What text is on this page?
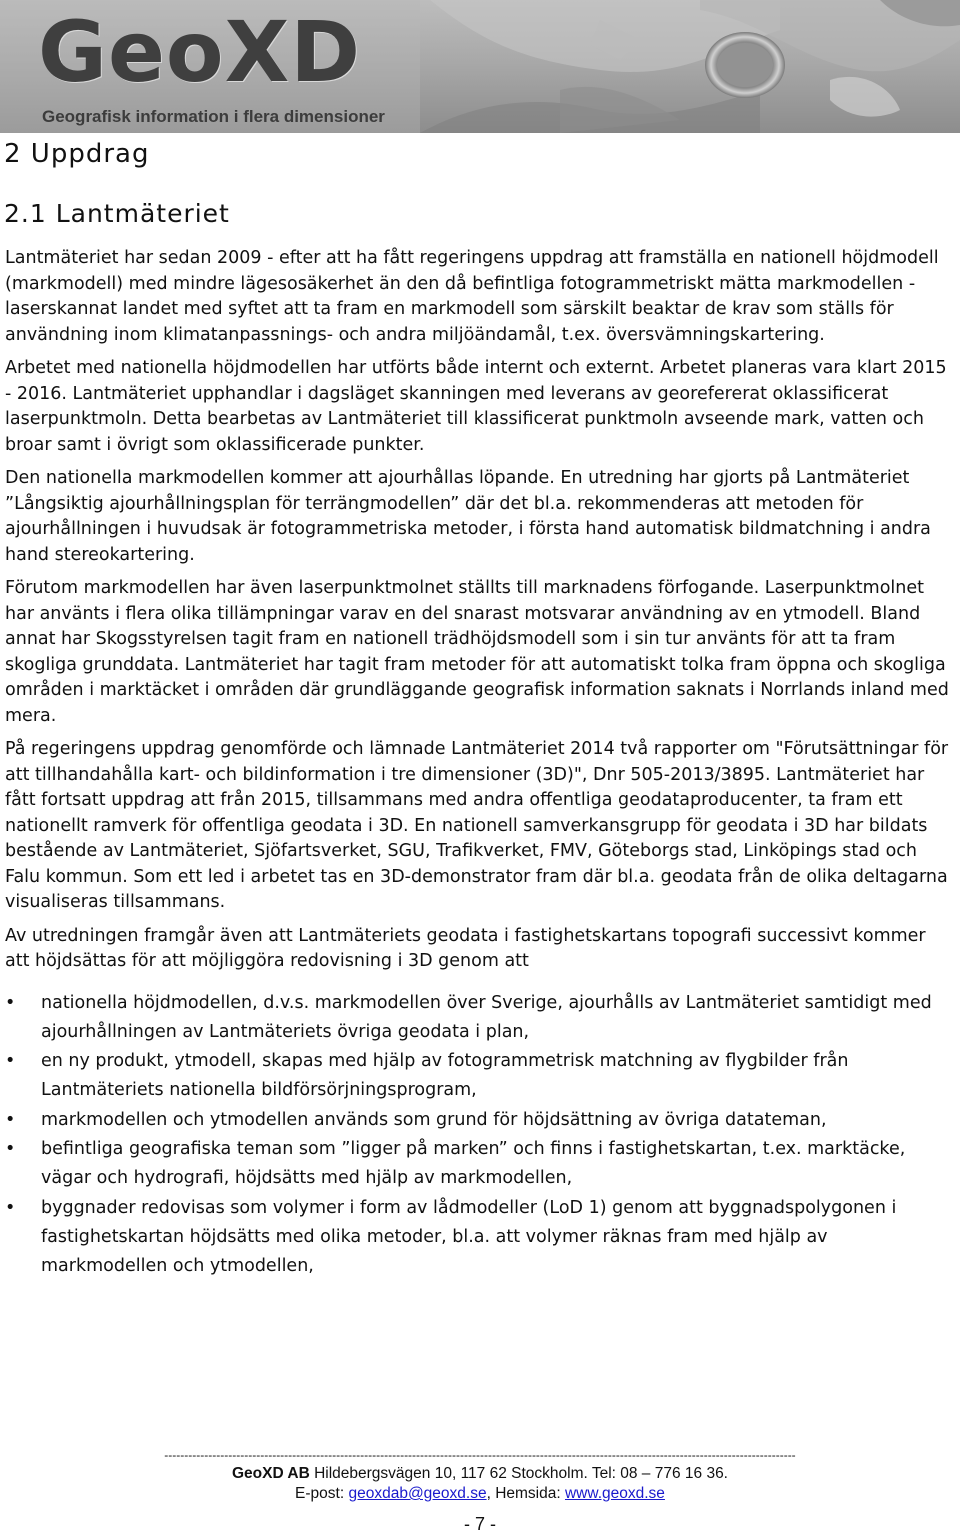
GeoXD
Geografisk information i flera dimensioner
2 Uppdrag
2.1 Lantmäteriet

Lantmäteriet har sedan 2009 - efter att ha fått regeringens uppdrag att framställa en nationell höjdmodell (markmodell) med mindre lägesosäkerhet än den då befintliga fotogrammetriskt mätta markmodellen - laserskannat landet med syftet att ta fram en markmodell som särskilt beaktar de krav som ställs för användning inom klimatanpassnings- och andra miljöändamål, t.ex. översvämningskartering.

Arbetet med nationella höjdmodellen har utförts både internt och externt. Arbetet planeras vara klart 2015 - 2016. Lantmäteriet upphandlar i dagsläget skanningen med leverans av georefererat oklassificerat laserpunktmoln. Detta bearbetas av Lantmäteriet till klassificerat punktmoln avseende mark, vatten och broar samt i övrigt som oklassificerade punkter.

Den nationella markmodellen kommer att ajourhållas löpande. En utredning har gjorts på Lantmäteriet ”Långsiktig ajourhållningsplan för terrängmodellen” där det bl.a. rekommenderas att metoden för ajourhållningen i huvudsak är fotogrammetriska metoder, i första hand automatisk bildmatchning i andra hand stereokartering.

Förutom markmodellen har även laserpunktmolnet ställts till marknadens förfogande. Laserpunktmolnet har använts i flera olika tillämpningar varav en del snarast motsvarar användning av en ytmodell. Bland annat har Skogsstyrelsen tagit fram en nationell trädhöjdsmodell som i sin tur använts för att ta fram skogliga grunddata. Lantmäteriet har tagit fram metoder för att automatiskt tolka fram öppna och skogliga områden i marktäcket i områden där grundläggande geografisk information saknats i Norrlands inland med mera.

På regeringens uppdrag genomförde och lämnade Lantmäteriet 2014 två rapporter om "Förutsättningar för att tillhandahålla kart- och bildinformation i tre dimensioner (3D)", Dnr 505-2013/3895. Lantmäteriet har fått fortsatt uppdrag att från 2015, tillsammans med andra offentliga geodataproducenter, ta fram ett nationellt ramverk för offentliga geodata i 3D. En nationell samverkansgrupp för geodata i 3D har bildats bestående av Lantmäteriet, Sjöfartsverket, SGU, Trafikverket, FMV, Göteborgs stad, Linköpings stad och Falu kommun. Som ett led i arbetet tas en 3D-demonstrator fram där bl.a. geodata från de olika deltagarna visualiseras tillsammans.

Av utredningen framgår även att Lantmäteriets geodata i fastighetskartans topografi successivt kommer att höjdsättas för att möjliggöra redovisning i 3D genom att

• nationella höjdmodellen, d.v.s. markmodellen över Sverige, ajourhålls av Lantmäteriet samtidigt med ajourhållningen av Lantmäteriets övriga geodata i plan,
• en ny produkt, ytmodell, skapas med hjälp av fotogrammetrisk matchning av flygbilder från Lantmäteriets nationella bildförsörjningsprogram,
• markmodellen och ytmodellen används som grund för höjdsättning av övriga datateman,
• befintliga geografiska teman som ”ligger på marken” och finns i fastighetskartan, t.ex. marktäcke, vägar och hydrografi, höjdsätts med hjälp av markmodellen,
• byggnader redovisas som volymer i form av lådmodeller (LoD 1) genom att byggnadspolygonen i fastighetskartan höjdsätts med olika metoder, bl.a. att volymer räknas fram med hjälp av markmodellen och ytmodellen,
--------------------------------------------------------------------------------------------------------------------------------------------------------------
GeoXD AB Hildebergsvägen 10, 117 62 Stockholm. Tel: 08 – 776 16 36.
E-post: geoxdab@geoxd.se, Hemsida: www.geoxd.se
- 7 -
